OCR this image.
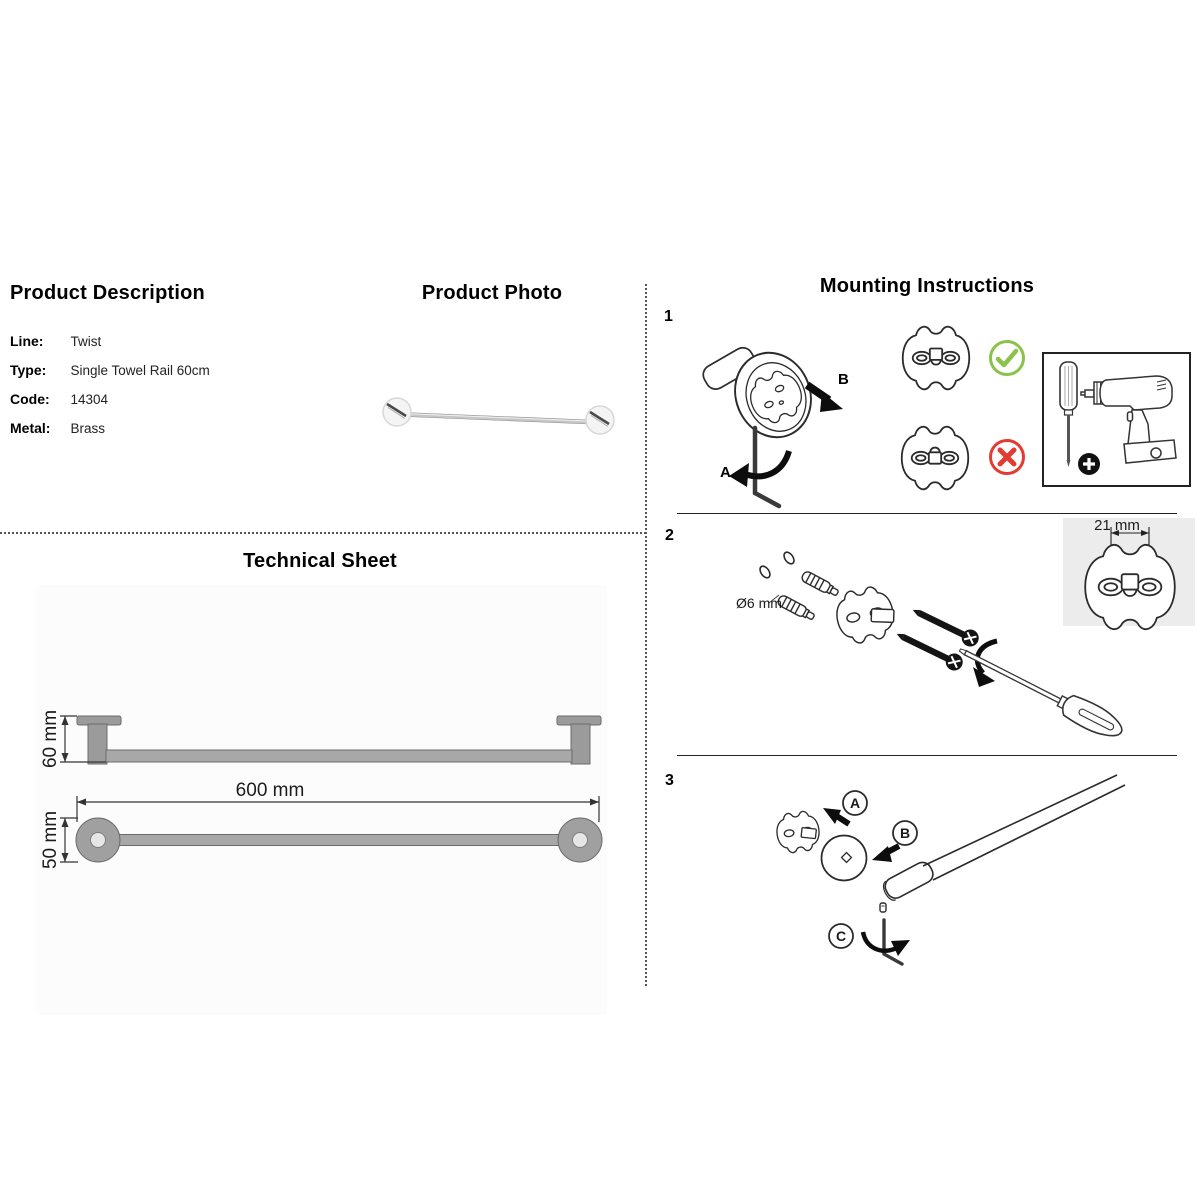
Product Description
Line: Twist
Type: Single Towel Rail 60cm
Code: 14304
Metal: Brass
Product Photo
Technical Sheet
60 mm
600 mm
50 mm
Mounting Instructions
1
A
B
2
Ø6 mm
21 mm
3
A
B
C
